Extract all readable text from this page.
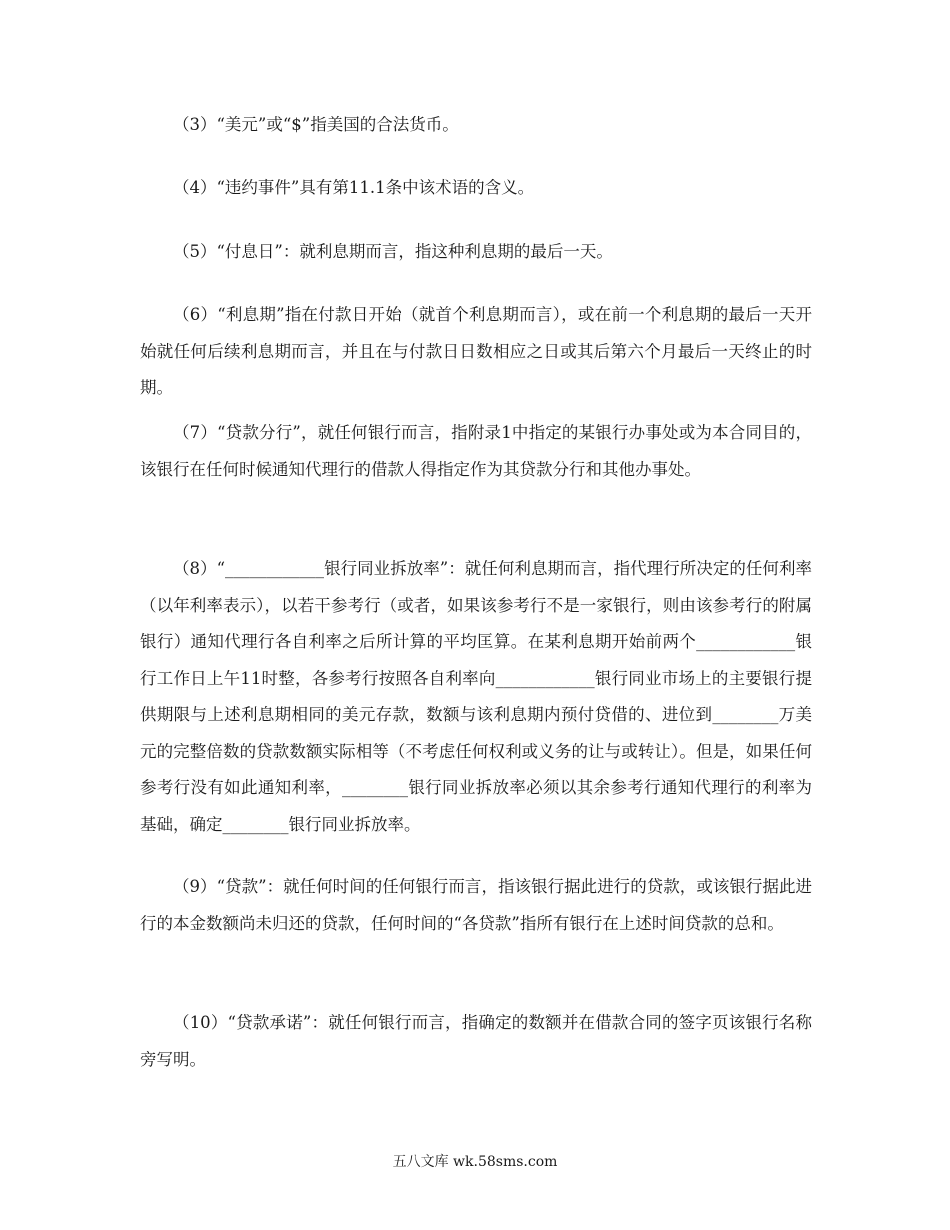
（3）“美元”或“$”指美国的合法货币。

（4）“违约事件”具有第11.1条中该术语的含义。

（5）“付息日”：就利息期而言，指这种利息期的最后一天。

（6）“利息期”指在付款日开始（就首个利息期而言），或在前一个利息期的最后一天开始就任何后续利息期而言，并且在与付款日日数相应之日或其后第六个月最后一天终止的时期。

（7）“贷款分行”，就任何银行而言，指附录1中指定的某银行办事处或为本合同目的，该银行在任何时候通知代理行的借款人得指定作为其贷款分行和其他办事处。

（8）“____________银行同业拆放率”：就任何利息期而言，指代理行所决定的任何利率（以年利率表示），以若干参考行（或者，如果该参考行不是一家银行，则由该参考行的附属银行）通知代理行各自利率之后所计算的平均匡算。在某利息期开始前两个____________银行工作日上午11时整，各参考行按照各自利率向____________银行同业市场上的主要银行提供期限与上述利息期相同的美元存款，数额与该利息期内预付贷借的、进位到________万美元的完整倍数的贷款数额实际相等（不考虑任何权利或义务的让与或转让）。但是，如果任何参考行没有如此通知利率，________银行同业拆放率必须以其余参考行通知代理行的利率为基础，确定________银行同业拆放率。

（9）“贷款”：就任何时间的任何银行而言，指该银行据此进行的贷款，或该银行据此进行的本金数额尚未归还的贷款，任何时间的“各贷款”指所有银行在上述时间贷款的总和。

（10）“贷款承诺”：就任何银行而言，指确定的数额并在借款合同的签字页该银行名称旁写明。

五八文库 wk.58sms.com
